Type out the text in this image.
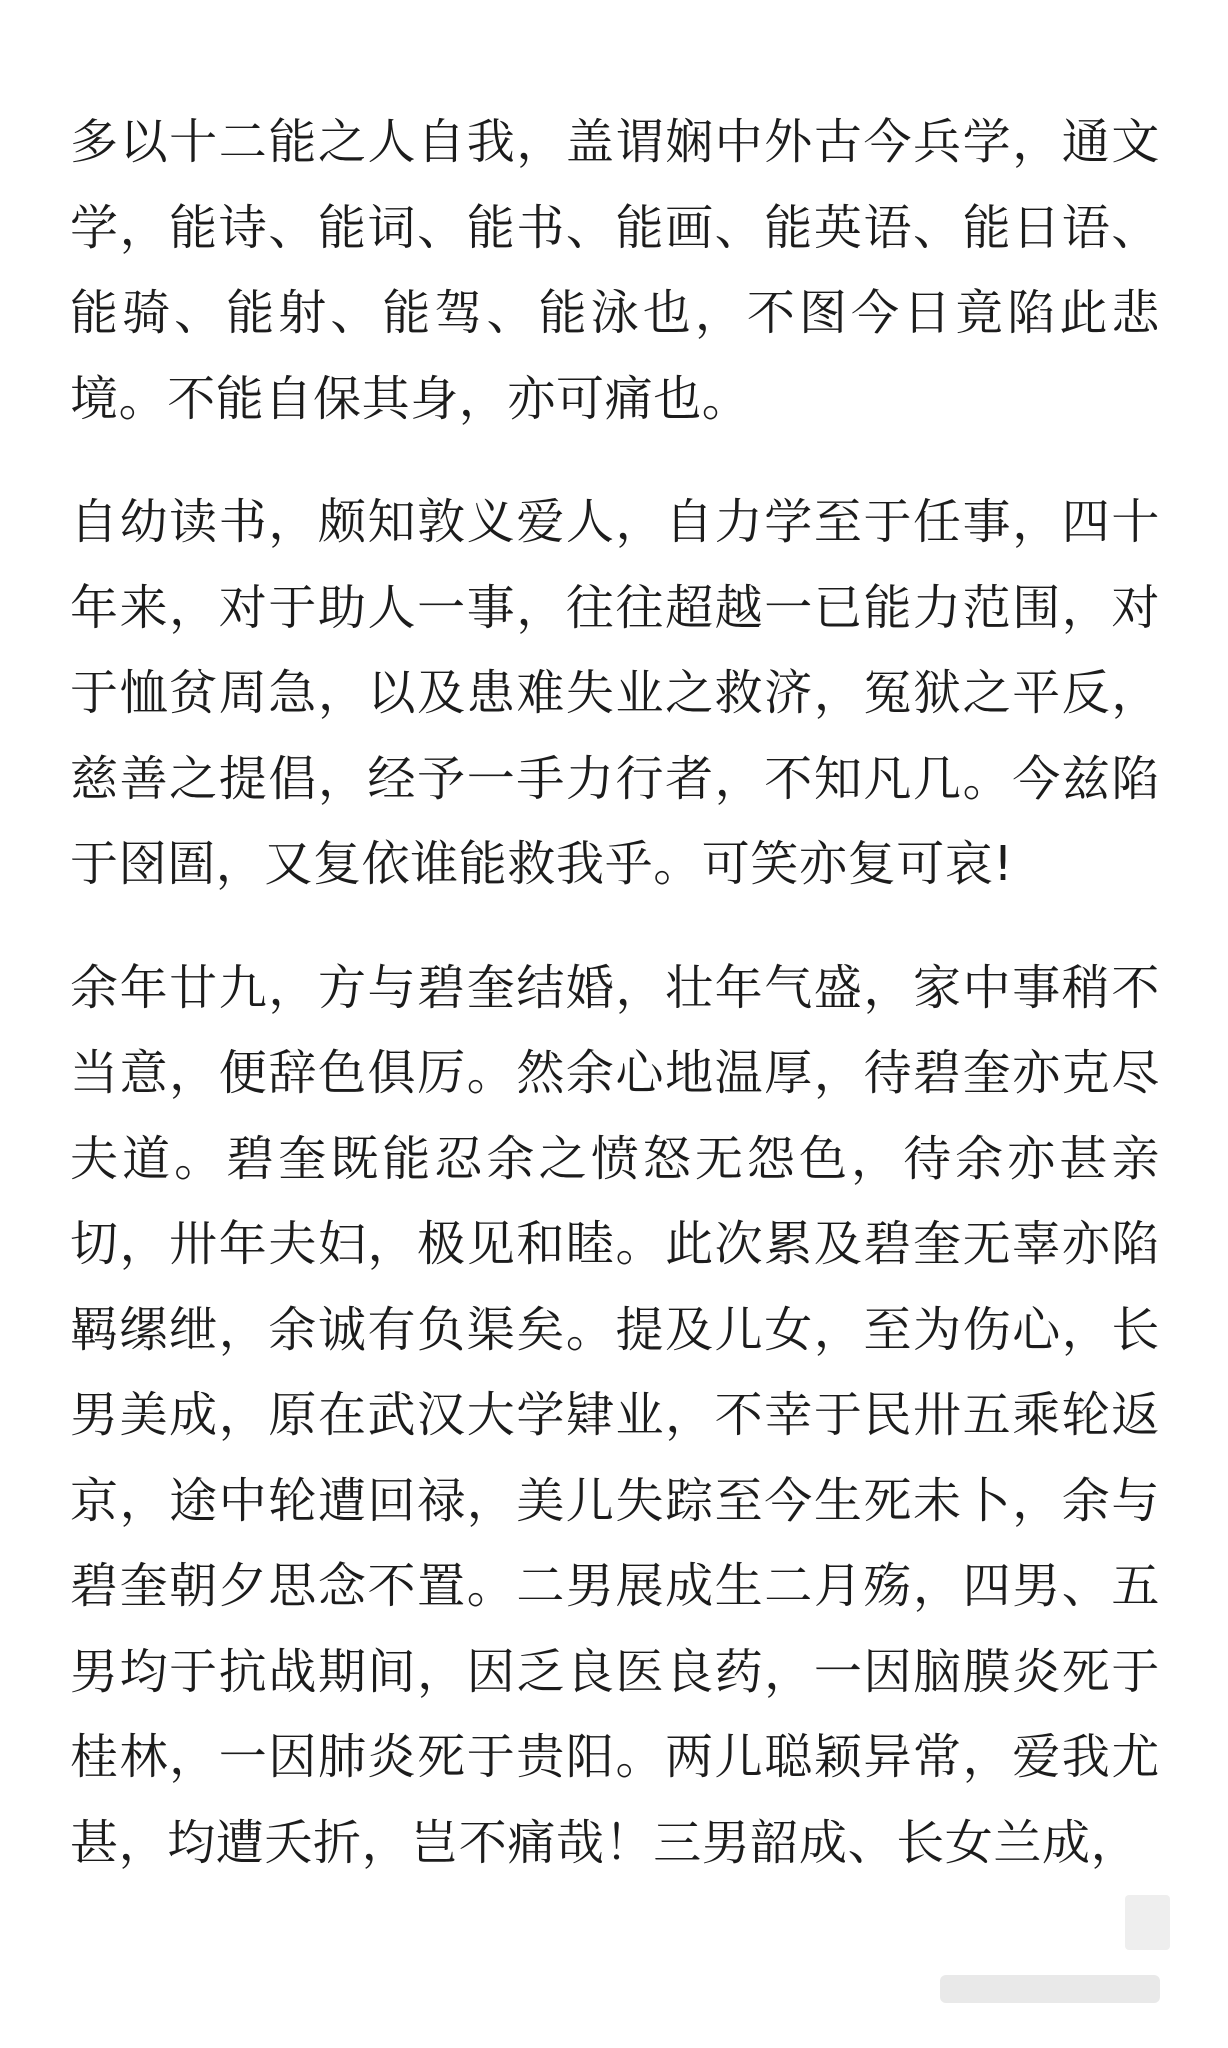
多以十二能之人自我，盖谓娴中外古今兵学，通文学，能诗、能词、能书、能画、能英语、能日语、能骑、能射、能驾、能泳也，不图今日竟陷此悲境。不能自保其身，亦可痛也。

自幼读书，颇知敦义爱人，自力学至于任事，四十年来，对于助人一事，往往超越一已能力范围，对于恤贫周急，以及患难失业之救济，冤狱之平反，慈善之提倡，经予一手力行者，不知凡几。今兹陷于囹圄，又复依谁能救我乎。可笑亦复可哀!

余年廿九，方与碧奎结婚，壮年气盛，家中事稍不当意，便辞色俱厉。然余心地温厚，待碧奎亦克尽夫道。碧奎既能忍余之愤怒无怨色，待余亦甚亲切，卅年夫妇，极见和睦。此次累及碧奎无辜亦陷羁缧绁，余诚有负渠矣。提及儿女，至为伤心，长男美成，原在武汉大学肄业，不幸于民卅五乘轮返京，途中轮遭回禄，美儿失踪至今生死未卜，余与碧奎朝夕思念不置。二男展成生二月殇，四男、五男均于抗战期间，因乏良医良药，一因脑膜炎死于桂林，一因肺炎死于贵阳。两儿聪颖异常，爱我尤甚，均遭夭折，岂不痛哉！三男韶成、长女兰成，
